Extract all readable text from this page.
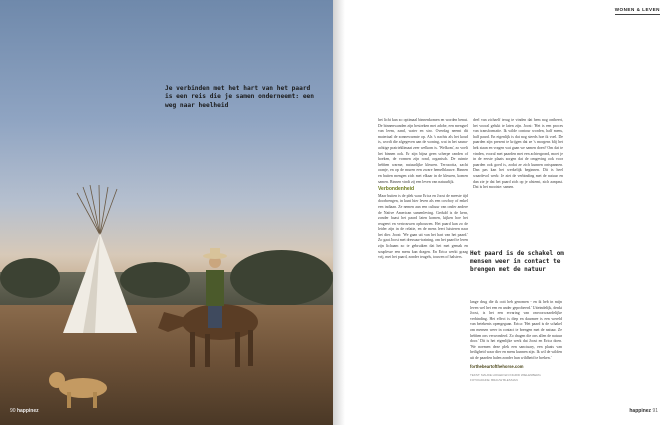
Je verbinden met het hart van het paard is een reis die je samen onderneemt: een weg naar heelheid
90 happinez
WONEN & LEVEN
het licht kan zo optimaal binnenkomen en worden benut. De binnenwanden zijn bestreken met adobe, een mengsel van leem, zand, water en stro. Overdag neemt dit materiaal de zonnewarmte op. Als 's nachts als het koud is, wordt die afgegeven aan de woning, wat in het sauna-achtige prairieklimaat zeer welkom is. 'Welkom', zo voelt het binnen ook. Er zijn bijna geen scherpe randen of hoeken, de vormen zijn rond, organisch. De ruimte hebben warme, natuurlijke kleuren. Terracotta, zacht oranje, en op de muren een zware hemelblauwe. Binnen en buiten mengen zich met elkaar in de kleuren, komen samen. Binnen vindt zij een leven van natuurlijk.
Verbondenheid
Maar buiten is de plek waar Erica en Joost de meeste tijd doorbrengen, in kunt hier leven als een cowboy of enkel een indiaan. Ze nemen aan een cultuur van onder andere de Native American samenleving. Geduld is de kern, zonder haast het paard laten komen, kijken hoe het reageert en vertrouwen opbouwen. Het paard kan zo de leider zijn in de relatie, en de mens leert luisteren naar het dier. Joost: 'We gaan uit van het hart van het paard.' Zo gaat Joost met dressuur-training, om het paard te leren zijn lichaam zo te gebruiken dat het met gemak en souplesse een mens kan dragen. En Erica werkt graag vrij, met het paard, zonder teugels, touwen of halsters.
deel van zichzelf terug te vinden dat hem nog ontbeert, het vooral gelukt te laten zijn. Joost: 'Het is een proces van transformatie. Ik wilde contour worden, half mens, half paard. En eigenlijk is dat nog steeds hoe ik voel. De paarden zijn present te krijgen dat ze 's morgens blij het hek staan en vragen wat gaan we samen doen? Om dat te vinden, vooral met paarden met een achtergrond, moet je in de eerste plaats zorgen dat de omgeving ook voor paarden ook goed is, zodat ze zich kunnen ontspannen. Dan pas kan het werkelijk beginnen. Dit is heel waardevol werk: Je ziet de verbinding met de natuur en dan zie je dat het paard zich op je afstemt, zich aanpast. Dat is het mooiste: samen.
Het paard is de schakel om mensen weer in contact te brengen met de natuur
lange drug die ik ooit heb genomen - en ik heb in mijn leven wel het een en ander geprobeerd.' Uiteindelijk, denkt Joost, is het een ervaring van onvoorwaardelijke verbinding. Het effect is diep en daarmee is een wereld van betekenis opengegaan. Erica: 'Het paard is de schakel om mensen weer in contact te brengen met de natuur. Ze hebben ons verwonderd. Zo dragen die ons allen de natuur door.' Dit is het eigenlijke werk dat Joost en Erica doen. 'We noemen deze plek een sanctuary, een plaats van heiligheid waar dier en mens kunnen zijn. Ik wil de wilden uit de paarden halen zonder hun wildheid te breken.'
forthebeartofthehorse.com
TEKST: MAUDE HOGER EN INGRID WIELENBERG
FOTOGRAFIE: BRAUW BLESSIAN
happinez 91
